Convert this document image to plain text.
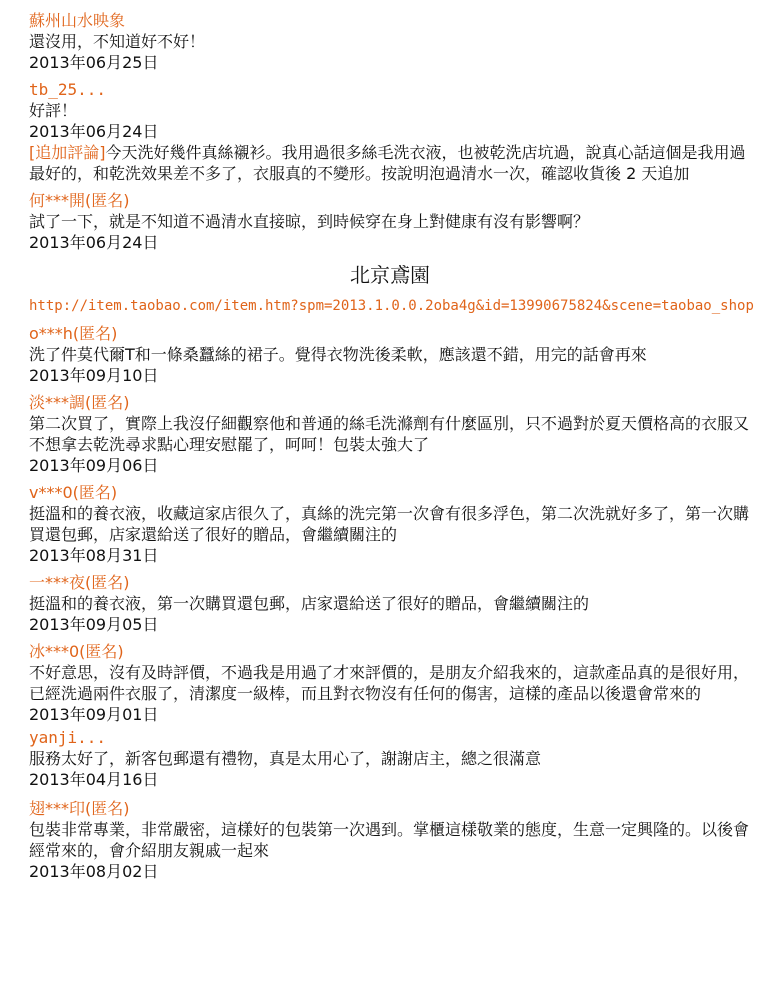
蘇州山水映象
還沒用，不知道好不好！
2013年06月25日
tb_25...
好評！
2013年06月24日
[追加評論]今天洗好幾件真絲襯衫。我用過很多絲毛洗衣液，也被乾洗店坑過，說真心話這個是我用過最好的，和乾洗效果差不多了，衣服真的不變形。按說明泡過清水一次，確認收貨後 2 天追加
何***開(匿名)
試了一下，就是不知道不過清水直接晾，到時候穿在身上對健康有沒有影響啊？
2013年06月24日
北京鳶園
http://item.taobao.com/item.htm?spm=2013.1.0.0.2oba4g&id=13990675824&scene=taobao_shop
o***h(匿名)
洗了件莫代爾T和一條桑蠶絲的裙子。覺得衣物洗後柔軟，應該還不錯，用完的話會再來
2013年09月10日
淡***調(匿名)
第二次買了，實際上我沒仔細觀察他和普通的絲毛洗滌劑有什麼區別，只不過對於夏天價格高的衣服又不想拿去乾洗尋求點心理安慰罷了，呵呵！包裝太強大了
2013年09月06日
v***0(匿名)
挺溫和的養衣液，收藏這家店很久了，真絲的洗完第一次會有很多浮色，第二次洗就好多了，第一次購買還包郵，店家還給送了很好的贈品，會繼續關注的
2013年08月31日
一***夜(匿名)
挺溫和的養衣液，第一次購買還包郵，店家還給送了很好的贈品，會繼續關注的
2013年09月05日
冰***0(匿名)
不好意思，沒有及時評價，不過我是用過了才來評價的，是朋友介紹我來的，這款產品真的是很好用，已經洗過兩件衣服了，清潔度一級棒，而且對衣物沒有任何的傷害，這樣的產品以後還會常來的
2013年09月01日
yanji...
服務太好了，新客包郵還有禮物，真是太用心了，謝謝店主，總之很滿意
2013年04月16日
翅***印(匿名)
包裝非常專業，非常嚴密，這樣好的包裝第一次遇到。掌櫃這樣敬業的態度，生意一定興隆的。以後會經常來的，會介紹朋友親戚一起來
2013年08月02日
